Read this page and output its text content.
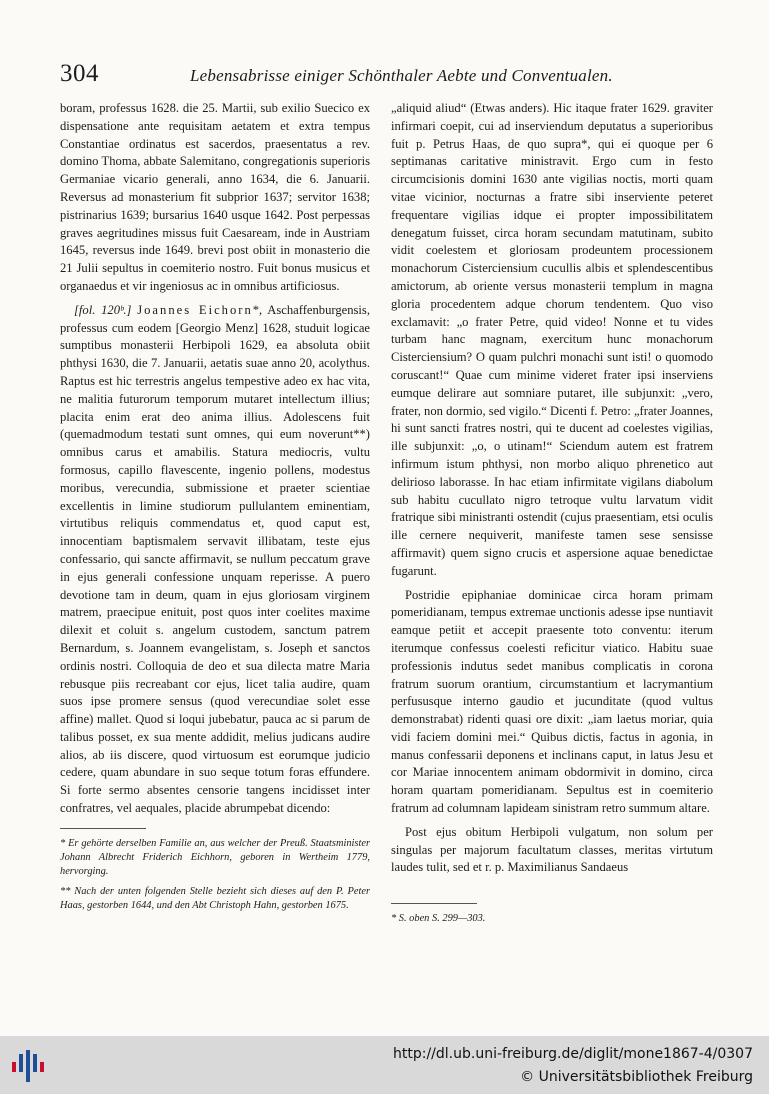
304	Lebensabrisse einiger Schönthaler Aebte und Conventualen.

boram, professus 1628. die 25. Martii, sub exilio Suecico ex dispensatione ante requisitam aetatem et extra tempus Constantiae ordinatus est sacerdos, praesentatus a rev. domino Thoma, abbate Salemitano, congregationis superioris Germaniae vicario generali, anno 1634, die 6. Januarii. Reversus ad monasterium fit subprior 1637; servitor 1638; pistrinarius 1639; bursarius 1640 usque 1642. Post perpessas graves aegritudines missus fuit Caesaream, inde in Austriam 1645, reversus inde 1649. brevi post obiit in monasterio die 21 Julii sepultus in coemiterio nostro. Fuit bonus musicus et organaedus et vir ingeniosus ac in omnibus artificiosus.

[fol. 120ᵇ.] Joannes Eichorn*, Aschaffenburgensis, professus cum eodem [Georgio Menz] 1628, studuit logicae sumptibus monasterii Herbipoli 1629, ea absoluta obiit phthysi 1630, die 7. Januarii, aetatis suae anno 20, acolythus. Raptus est hic terrestris angelus tempestive adeo ex hac vita, ne malitia futurorum temporum mutaret intellectum illius; placita enim erat deo anima illius. Adolescens fuit (quemadmodum testati sunt omnes, qui eum noverunt**) omnibus carus et amabilis. Statura mediocris, vultu formosus, capillo flavescente, ingenio pollens, modestus moribus, verecundia, submissione et praeter scientiae excellentis in limine studiorum pullulantem eminentiam, virtutibus reliquis commendatus et, quod caput est, innocentiam baptismalem servavit illibatam, teste ejus confessario, qui sancte affirmavit, se nullum peccatum grave in ejus generali confessione unquam reperisse. A puero devotione tam in deum, quam in ejus gloriosam virginem matrem, praecipue enituit, post quos inter coelites maxime dilexit et coluit s. angelum custodem, sanctum patrem Bernardum, s. Joannem evangelistam, s. Joseph et sanctos ordinis nostri. Colloquia de deo et sua dilecta matre Maria rebusque piis recreabant cor ejus, licet talia audire, quam suos ipse promere sensus (quod verecundiae solet esse affine) mallet. Quod si loqui jubebatur, pauca ac si parum de talibus posset, ex sua mente addidit, melius judicans audire alios, ab iis discere, quod virtuosum est eorumque judicio cedere, quam abundare in suo seque totum foras effundere. Si forte sermo absentes censorie tangens incidisset inter confratres, vel aequales, placide abrumpebat dicendo:

* Er gehörte derselben Familie an, aus welcher der Preuß. Staatsminister Johann Albrecht Friderich Eichhorn, geboren in Wertheim 1779, hervorging.

** Nach der unten folgenden Stelle bezieht sich dieses auf den P. Peter Haas, gestorben 1644, und den Abt Christoph Hahn, gestorben 1675.

„aliquid aliud“ (Etwas anders). Hic itaque frater 1629. graviter infirmari coepit, cui ad inserviendum deputatus a superioribus fuit p. Petrus Haas, de quo supra*, qui ei quoque per 6 septimanas caritative ministravit. Ergo cum in festo circumcisionis domini 1630 ante vigilias noctis, morti quam vitae vicinior, nocturnas a fratre sibi inserviente peteret frequentare vigilias idque ei propter impossibilitatem denegatum fuisset, circa horam secundam matutinam, subito vidit coelestem et gloriosam prodeuntem processionem monachorum Cisterciensium cucullis albis et splendescentibus amictorum, ab oriente versus monasterii templum in magna gloria procedentem adque chorum tendentem. Quo viso exclamavit: „o frater Petre, quid video! Nonne et tu vides turbam hanc magnam, exercitum hunc monachorum Cisterciensium? O quam pulchri monachi sunt isti! o quomodo coruscant!“ Quae cum minime videret frater ipsi inserviens eumque delirare aut somniare putaret, ille subjunxit: „vero, frater, non dormio, sed vigilo.“ Dicenti f. Petro: „frater Joannes, hi sunt sancti fratres nostri, qui te ducent ad coelestes vigilias, ille subjunxit: „o, o utinam!“ Sciendum autem est fratrem infirmum istum phthysi, non morbo aliquo phrenetico aut delirioso laborasse. In hac etiam infirmitate vigilans diabolum sub habitu cucullato nigro tetroque vultu larvatum vidit fratrique sibi ministranti ostendit (cujus praesentiam, etsi oculis ille cernere nequiverit, manifeste tamen sese sensisse affirmavit) quem signo crucis et aspersione aquae benedictae fugarunt.

Postridie epiphaniae dominicae circa horam primam pomeridianam, tempus extremae unctionis adesse ipse nuntiavit eamque petiit et accepit praesente toto conventu: iterum iterumque confessus coelesti reficitur viatico. Habitu suae professionis indutus sedet manibus complicatis in corona fratrum suorum orantium, circumstantium et lacrymantium perfususque interno gaudio et jucunditate (quod vultus demonstrabat) ridenti quasi ore dixit: „iam laetus moriar, quia vidi faciem domini mei.“ Quibus dictis, factus in agonia, in manus confessarii deponens et inclinans caput, in latus Jesu et cor Mariae innocentem animam obdormivit in domino, circa horam quartam pomeridianam. Sepultus est in coemiterio fratrum ad columnam lapideam sinistram retro summum altare.

Post ejus obitum Herbipoli vulgatum, non solum per singulas per majorum facultatum classes, meritas virtutum laudes tulit, sed et r. p. Maximilianus Sandaeus

* S. oben S. 299—303.

http://dl.ub.uni-freiburg.de/diglit/mone1867-4/0307
© Universitätsbibliothek Freiburg
